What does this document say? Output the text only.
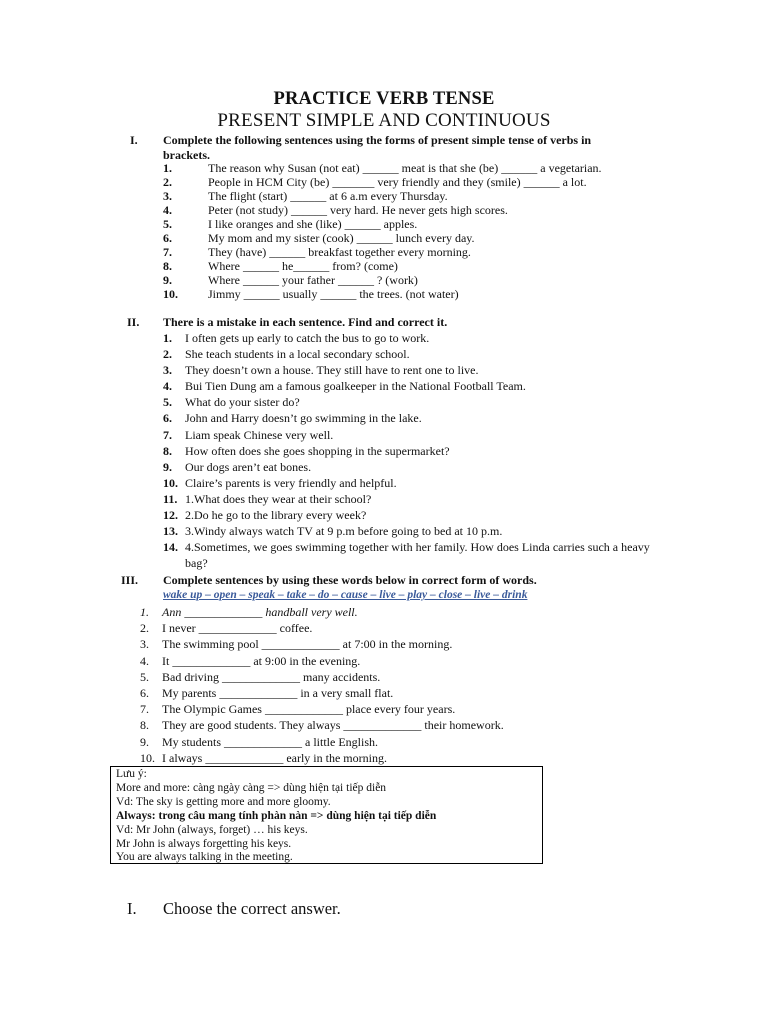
PRACTICE VERB TENSE
PRESENT SIMPLE AND CONTINUOUS
I. Complete the following sentences using the forms of present simple tense of verbs in
brackets.
1.	The reason why Susan (not eat) ______ meat is that she (be) ______ a vegetarian.
2.	People in HCM City (be) _______ very friendly and they (smile) ______ a lot.
3.	The flight (start) ______ at 6 a.m every Thursday.
4.	Peter (not study) ______ very hard. He never gets high scores.
5.	I like oranges and she (like) ______ apples.
6.	My mom and my sister (cook) ______ lunch every day.
7.	They (have) ______ breakfast together every morning.
8.	Where ______ he______ from? (come)
9.	Where ______ your father ______ ? (work)
10.	Jimmy ______ usually ______ the trees. (not water)
II. There is a mistake in each sentence. Find and correct it.
1. I often gets up early to catch the bus to go to work.
2. She teach students in a local secondary school.
3. They doesn’t own a house. They still have to rent one to live.
4. Bui Tien Dung am a famous goalkeeper in the National Football Team.
5. What do your sister do?
6. John and Harry doesn’t go swimming in the lake.
7. Liam speak Chinese very well.
8. How often does she goes shopping in the supermarket?
9. Our dogs aren’t eat bones.
10. Claire’s parents is very friendly and helpful.
11. 1.What does they wear at their school?
12. 2.Do he go to the library every week?
13. 3.Windy always watch TV at 9 p.m before going to bed at 10 p.m.
14. 4.Sometimes, we goes swimming together with her family. How does Linda carries such a heavy bag?
III. Complete sentences by using these words below in correct form of words.
wake up – open – speak – take – do – cause – live – play – close – live – drink
1. Ann _____________ handball very well.
2. I never _____________ coffee.
3. The swimming pool _____________ at 7:00 in the morning.
4. It _____________ at 9:00 in the evening.
5. Bad driving _____________ many accidents.
6. My parents _____________ in a very small flat.
7. The Olympic Games _____________ place every four years.
8. They are good students. They always _____________ their homework.
9. My students _____________ a little English.
10. I always _____________ early in the morning.
Lưu ý:
More and more: càng ngày càng => dùng hiện tại tiếp diễn
Vd: The sky is getting more and more gloomy.
Always: trong câu mang tính phàn nàn => dùng hiện tại tiếp diễn
Vd: Mr John (always, forget) … his keys.
Mr John is always forgetting his keys.
You are always talking in the meeting.
I. Choose the correct answer.
